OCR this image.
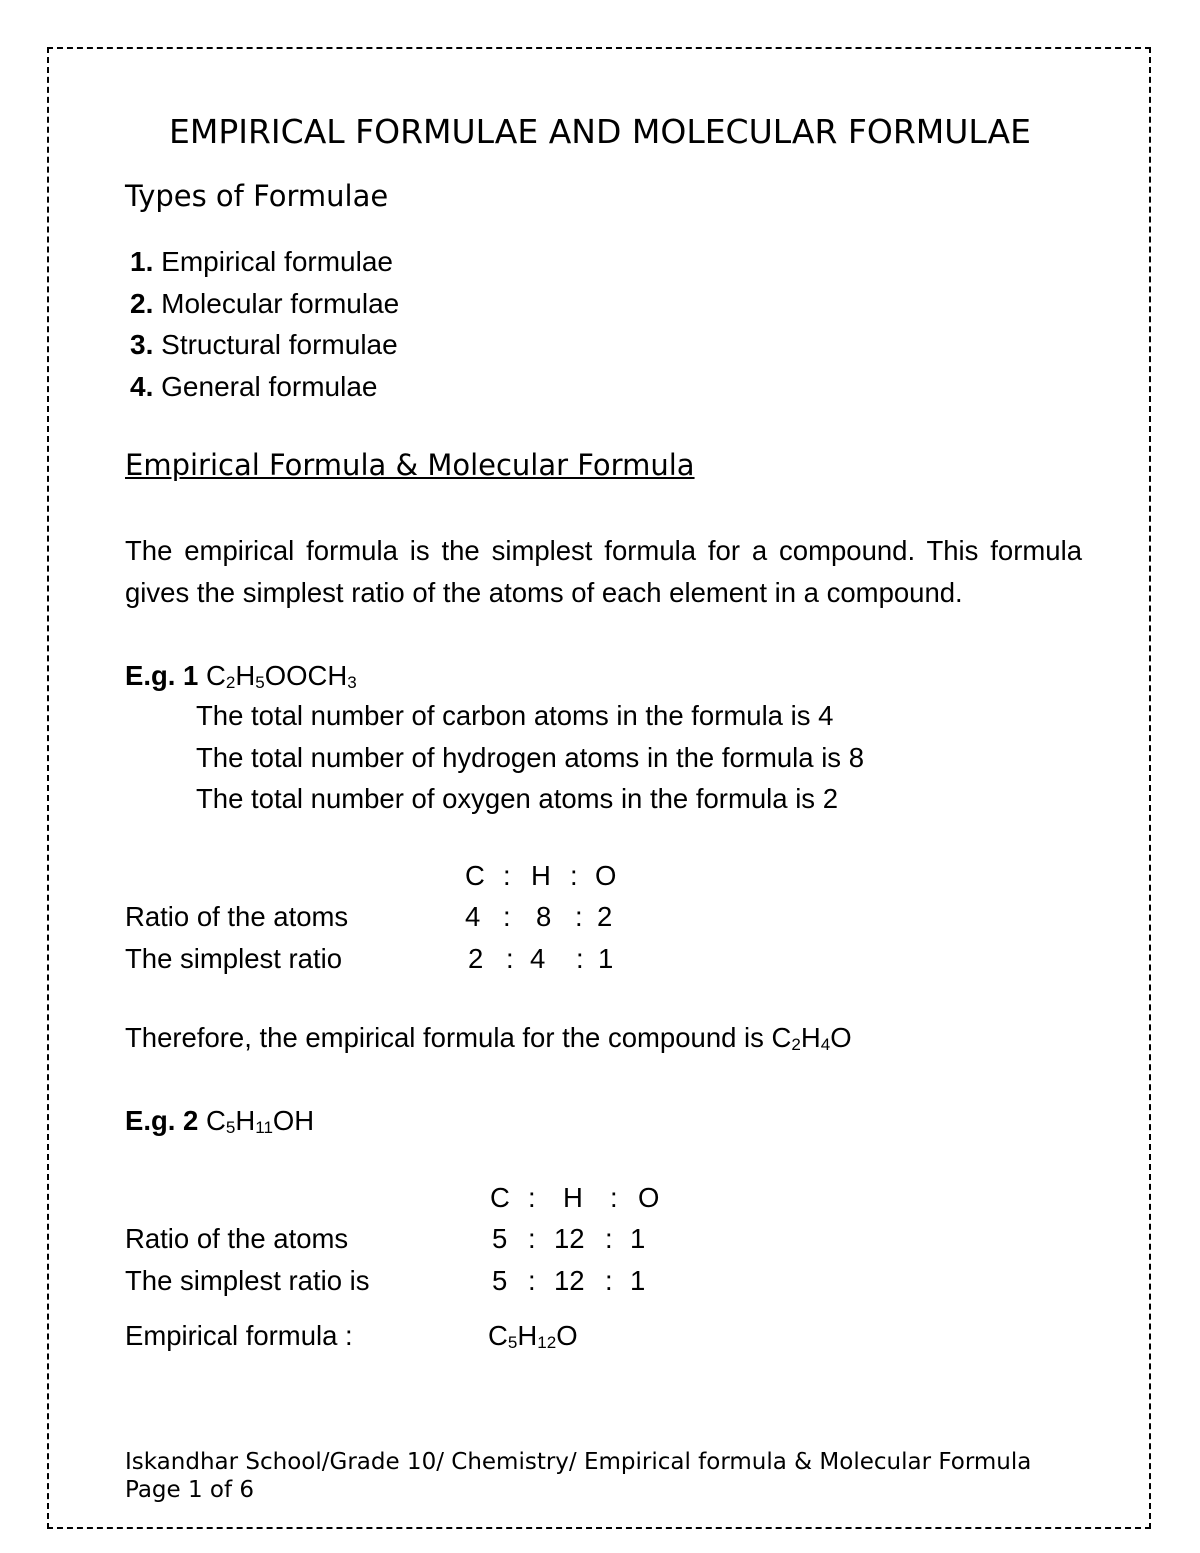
EMPIRICAL FORMULAE AND MOLECULAR FORMULAE
Types of Formulae
1. Empirical formulae
2. Molecular formulae
3. Structural formulae
4. General formulae
Empirical Formula & Molecular Formula
The empirical formula is the simplest formula for a compound. This formula gives the simplest ratio of the atoms of each element in a compound.
E.g. 1 $C_2H_5OOCH_3$
The total number of carbon atoms in the formula is 4
The total number of hydrogen atoms in the formula is 8
The total number of oxygen atoms in the formula is 2
C : H : O
Ratio of the atoms	4 : 8 : 2
The simplest ratio	2 : 4 : 1
Therefore, the empirical formula for the compound is $C_2H_4O$
E.g. 2 $C_5H_{11}OH$
C : H : O
Ratio of the atoms	5 : 12 : 1
The simplest ratio is	5 : 12 : 1
Empirical formula :	$C_5H_{12}O$
Iskandhar School/Grade 10/ Chemistry/ Empirical formula & Molecular Formula
Page 1 of 6
